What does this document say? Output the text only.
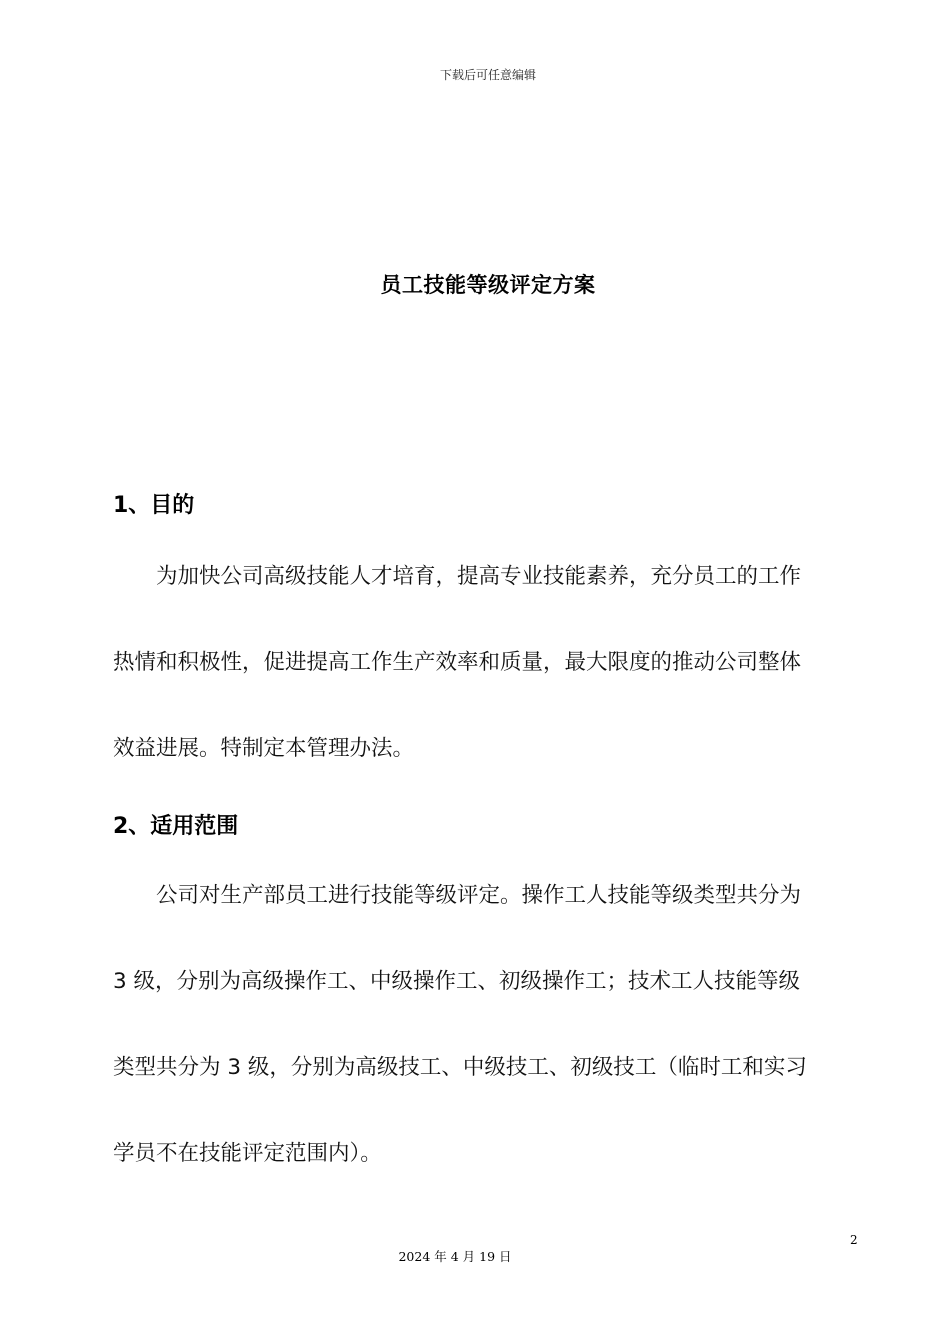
下载后可任意编辑
员工技能等级评定方案
1、目的
为加快公司高级技能人才培育，提高专业技能素养，充分员工的工作
热情和积极性，促进提高工作生产效率和质量，最大限度的推动公司整体
效益进展。特制定本管理办法。
2、适用范围
公司对生产部员工进行技能等级评定。操作工人技能等级类型共分为
3 级，分别为高级操作工、中级操作工、初级操作工；技术工人技能等级
类型共分为 3 级，分别为高级技工、中级技工、初级技工（临时工和实习
学员不在技能评定范围内）。
2
2024 年 4 月 19 日
